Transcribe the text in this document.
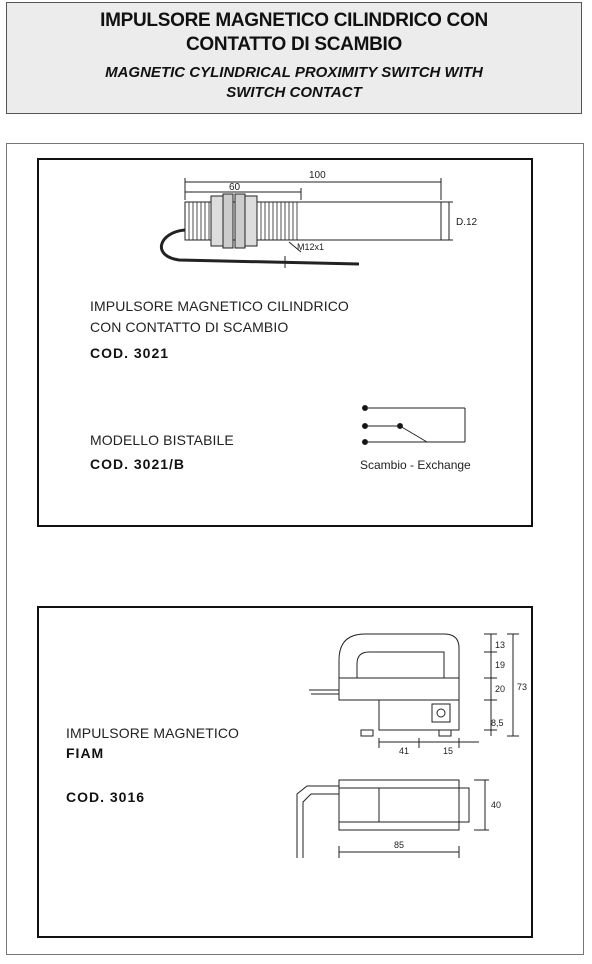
IMPULSORE MAGNETICO CILINDRICO CON
CONTATTO DI SCAMBIO
MAGNETIC CYLINDRICAL PROXIMITY SWITCH WITH
SWITCH CONTACT
100
60
D.12
M12x1
IMPULSORE MAGNETICO CILINDRICO
CON CONTATTO DI SCAMBIO
COD. 3021
MODELLO BISTABILE
COD. 3021/B	Scambio - Exchange
13
19
73
20
8,5
41	15
40
85
IMPULSORE MAGNETICO
FIAM
COD. 3016
